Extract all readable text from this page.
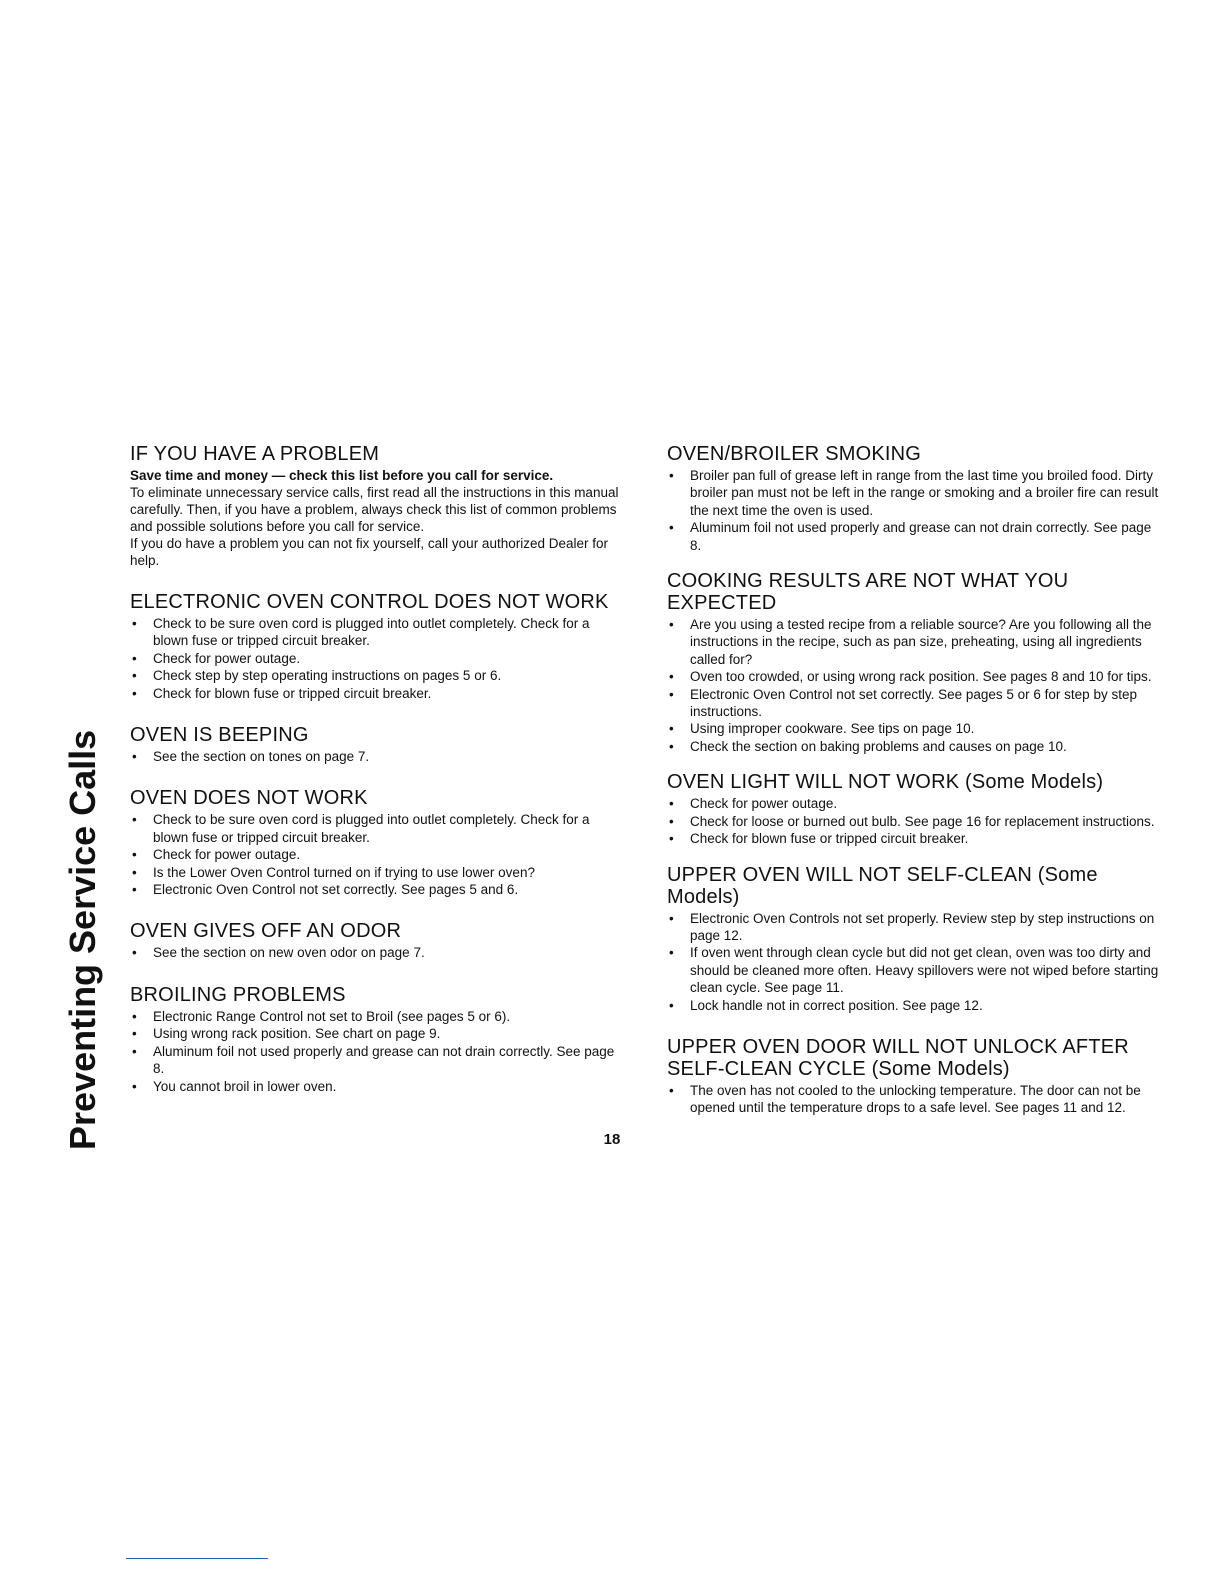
Preventing Service Calls
IF YOU HAVE A PROBLEM

Save time and money — check this list before you call for service.

To eliminate unnecessary service calls, first read all the instructions in this manual carefully. Then, if you have a problem, always check this list of common problems and possible solutions before you call for service.

If you do have a problem you can not fix yourself, call your authorized Dealer for help.

ELECTRONIC OVEN CONTROL DOES NOT WORK
• Check to be sure oven cord is plugged into outlet completely. Check for a blown fuse or tripped circuit breaker.
• Check for power outage.
• Check step by step operating instructions on pages 5 or 6.
• Check for blown fuse or tripped circuit breaker.
OVEN IS BEEPING
• See the section on tones on page 7.
OVEN DOES NOT WORK
• Check to be sure oven cord is plugged into outlet completely. Check for a blown fuse or tripped circuit breaker.
• Check for power outage.
• Is the Lower Oven Control turned on if trying to use lower oven?
• Electronic Oven Control not set correctly. See pages 5 and 6.
OVEN GIVES OFF AN ODOR
• See the section on new oven odor on page 7.
BROILING PROBLEMS
• Electronic Range Control not set to Broil (see pages 5 or 6).
• Using wrong rack position. See chart on page 9.
• Aluminum foil not used properly and grease can not drain correctly. See page 8.
• You cannot broil in lower oven.
OVEN/BROILER SMOKING
• Broiler pan full of grease left in range from the last time you broiled food. Dirty broiler pan must not be left in the range or smoking and a broiler fire can result the next time the oven is used.
• Aluminum foil not used properly and grease can not drain correctly. See page 8.
COOKING RESULTS ARE NOT WHAT YOU EXPECTED
• Are you using a tested recipe from a reliable source? Are you following all the instructions in the recipe, such as pan size, preheating, using all ingredients called for?
• Oven too crowded, or using wrong rack position. See pages 8 and 10 for tips.
• Electronic Oven Control not set correctly. See pages 5 or 6 for step by step instructions.
• Using improper cookware. See tips on page 10.
• Check the section on baking problems and causes on page 10.
OVEN LIGHT WILL NOT WORK (Some Models)
• Check for power outage.
• Check for loose or burned out bulb. See page 16 for replacement instructions.
• Check for blown fuse or tripped circuit breaker.
UPPER OVEN WILL NOT SELF-CLEAN (Some Models)
• Electronic Oven Controls not set properly. Review step by step instructions on page 12.
• If oven went through clean cycle but did not get clean, oven was too dirty and should be cleaned more often. Heavy spillovers were not wiped before starting clean cycle. See page 11.
• Lock handle not in correct position. See page 12.
UPPER OVEN DOOR WILL NOT UNLOCK AFTER SELF-CLEAN CYCLE (Some Models)
• The oven has not cooled to the unlocking temperature. The door can not be opened until the temperature drops to a safe level. See pages 11 and 12.
18
